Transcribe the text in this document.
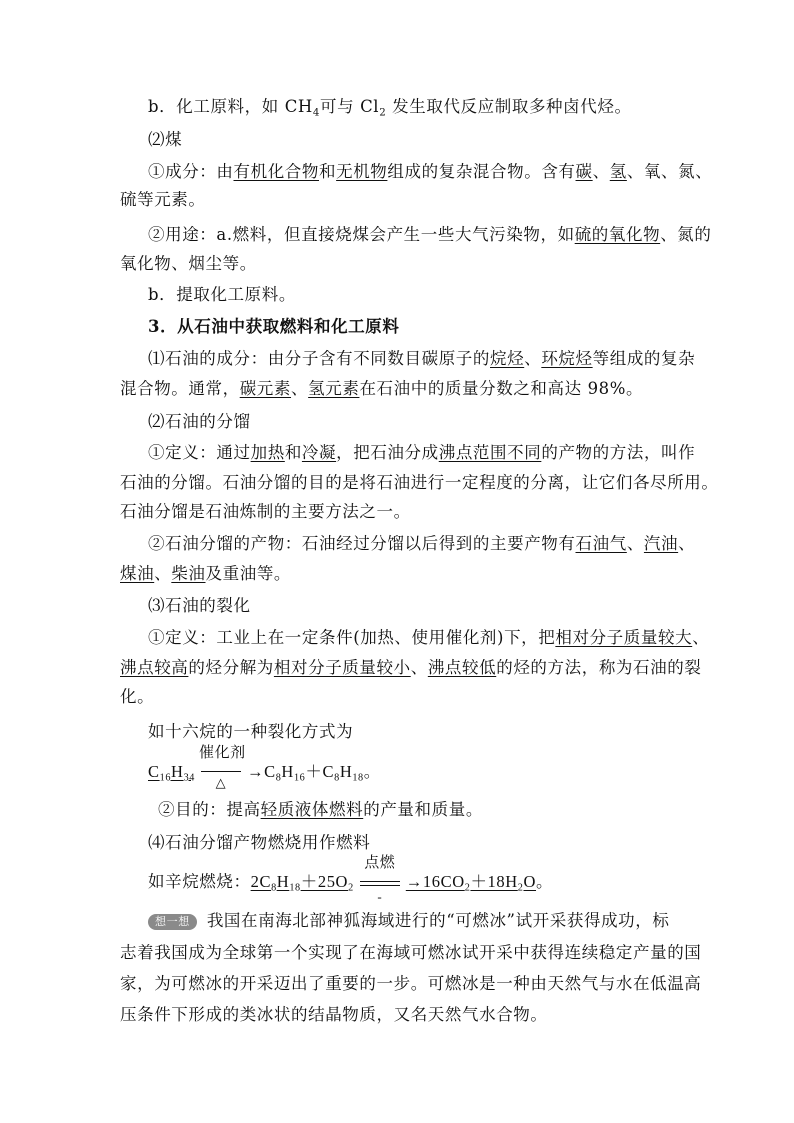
b．化工原料，如 $CH_4$可与 $Cl_2$ 发生取代反应制取多种卤代烃。
⑵煤
①成分：由有机化合物和无机物组成的复杂混合物。含有碳、氢、氧、氮、
硫等元素。
②用途：a.燃料，但直接烧煤会产生一些大气污染物，如硫的氧化物、氮的
氧化物、烟尘等。
b．提取化工原料。
3．从石油中获取燃料和化工原料
⑴石油的成分：由分子含有不同数目碳原子的烷烃、环烷烃等组成的复杂
混合物。通常，碳元素、氢元素在石油中的质量分数之和高达 98%。
⑵石油的分馏
①定义：通过加热和冷凝，把石油分成沸点范围不同的产物的方法，叫作
石油的分馏。石油分馏的目的是将石油进行一定程度的分离，让它们各尽所用。
石油分馏是石油炼制的主要方法之一。
②石油分馏的产物：石油经过分馏以后得到的主要产物有石油气、汽油、
煤油、柴油及重油等。
⑶石油的裂化
①定义：工业上在一定条件(加热、使用催化剂)下，把相对分子质量较大、
沸点较高的烃分解为相对分子质量较小、沸点较低的烃的方法，称为石油的裂
化。
如十六烷的一种裂化方式为
$C_{16}H_{34}$
催化剂
△
$\to C_8H_{16}+C_8H_{18}$。
②目的：提高轻质液体燃料的产量和质量。
⑷石油分馏产物燃烧用作燃料
如辛烷燃烧：$2C_8H_{18}+25O_2$
点燃
-
$\to 16CO_2+18H_2O$。
想一想 我国在南海北部神狐海域进行的“可燃冰”试开采获得成功，标
志着我国成为全球第一个实现了在海域可燃冰试开采中获得连续稳定产量的国
家，为可燃冰的开采迈出了重要的一步。可燃冰是一种由天然气与水在低温高
压条件下形成的类冰状的结晶物质，又名天然气水合物。
